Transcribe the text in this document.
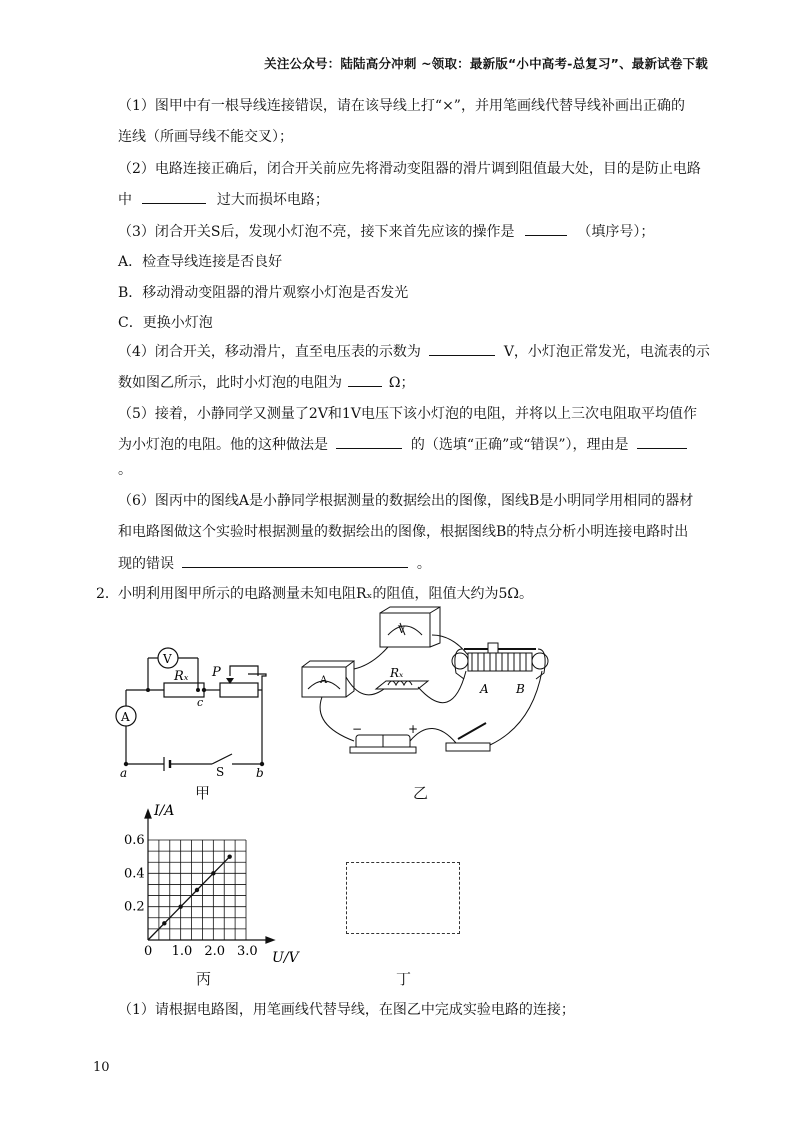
关注公众号：陆陆高分冲刺 ~领取：最新版“小中高考-总复习”、最新试卷下载
（1）图甲中有一根导线连接错误，请在该导线上打“×”，并用笔画线代替导线补画出正确的
连线（所画导线不能交叉）；
（2）电路连接正确后，闭合开关前应先将滑动变阻器的滑片调到阻值最大处，目的是防止电路
中	过大而损坏电路；
（3）闭合开关S后，发现小灯泡不亮，接下来首先应该的操作是	（填序号）；
A．检查导线连接是否良好
B．移动滑动变阻器的滑片观察小灯泡是否发光
C．更换小灯泡
（4）闭合开关，移动滑片，直至电压表的示数为	V，小灯泡正常发光，电流表的示
数如图乙所示，此时小灯泡的电阻为	Ω；
（5）接着，小静同学又测量了2V和1V电压下该小灯泡的电阻，并将以上三次电阻取平均值作
为小灯泡的电阻。他的这种做法是	的（选填“正确”或“错误”），理由是
。
（6）图丙中的图线A是小静同学根据测量的数据绘出的图像，图线B是小明同学用相同的器材
和电路图做这个实验时根据测量的数据绘出的图像，根据图线B的特点分析小明连接电路时出
现的错误	。
2． 小明利用图甲所示的电路测量未知电阻Rₓ的阻值，阻值大约为5Ω。
V
A
Rₓ P
c
S
a	b
甲
V
A
Rₓ
A B
−	+
乙
0 1.0 2.0 3.0
0.2
0.4
0.6
I/A
U/V
丙	丁
（1）请根据电路图，用笔画线代替导线，在图乙中完成实验电路的连接；
10
